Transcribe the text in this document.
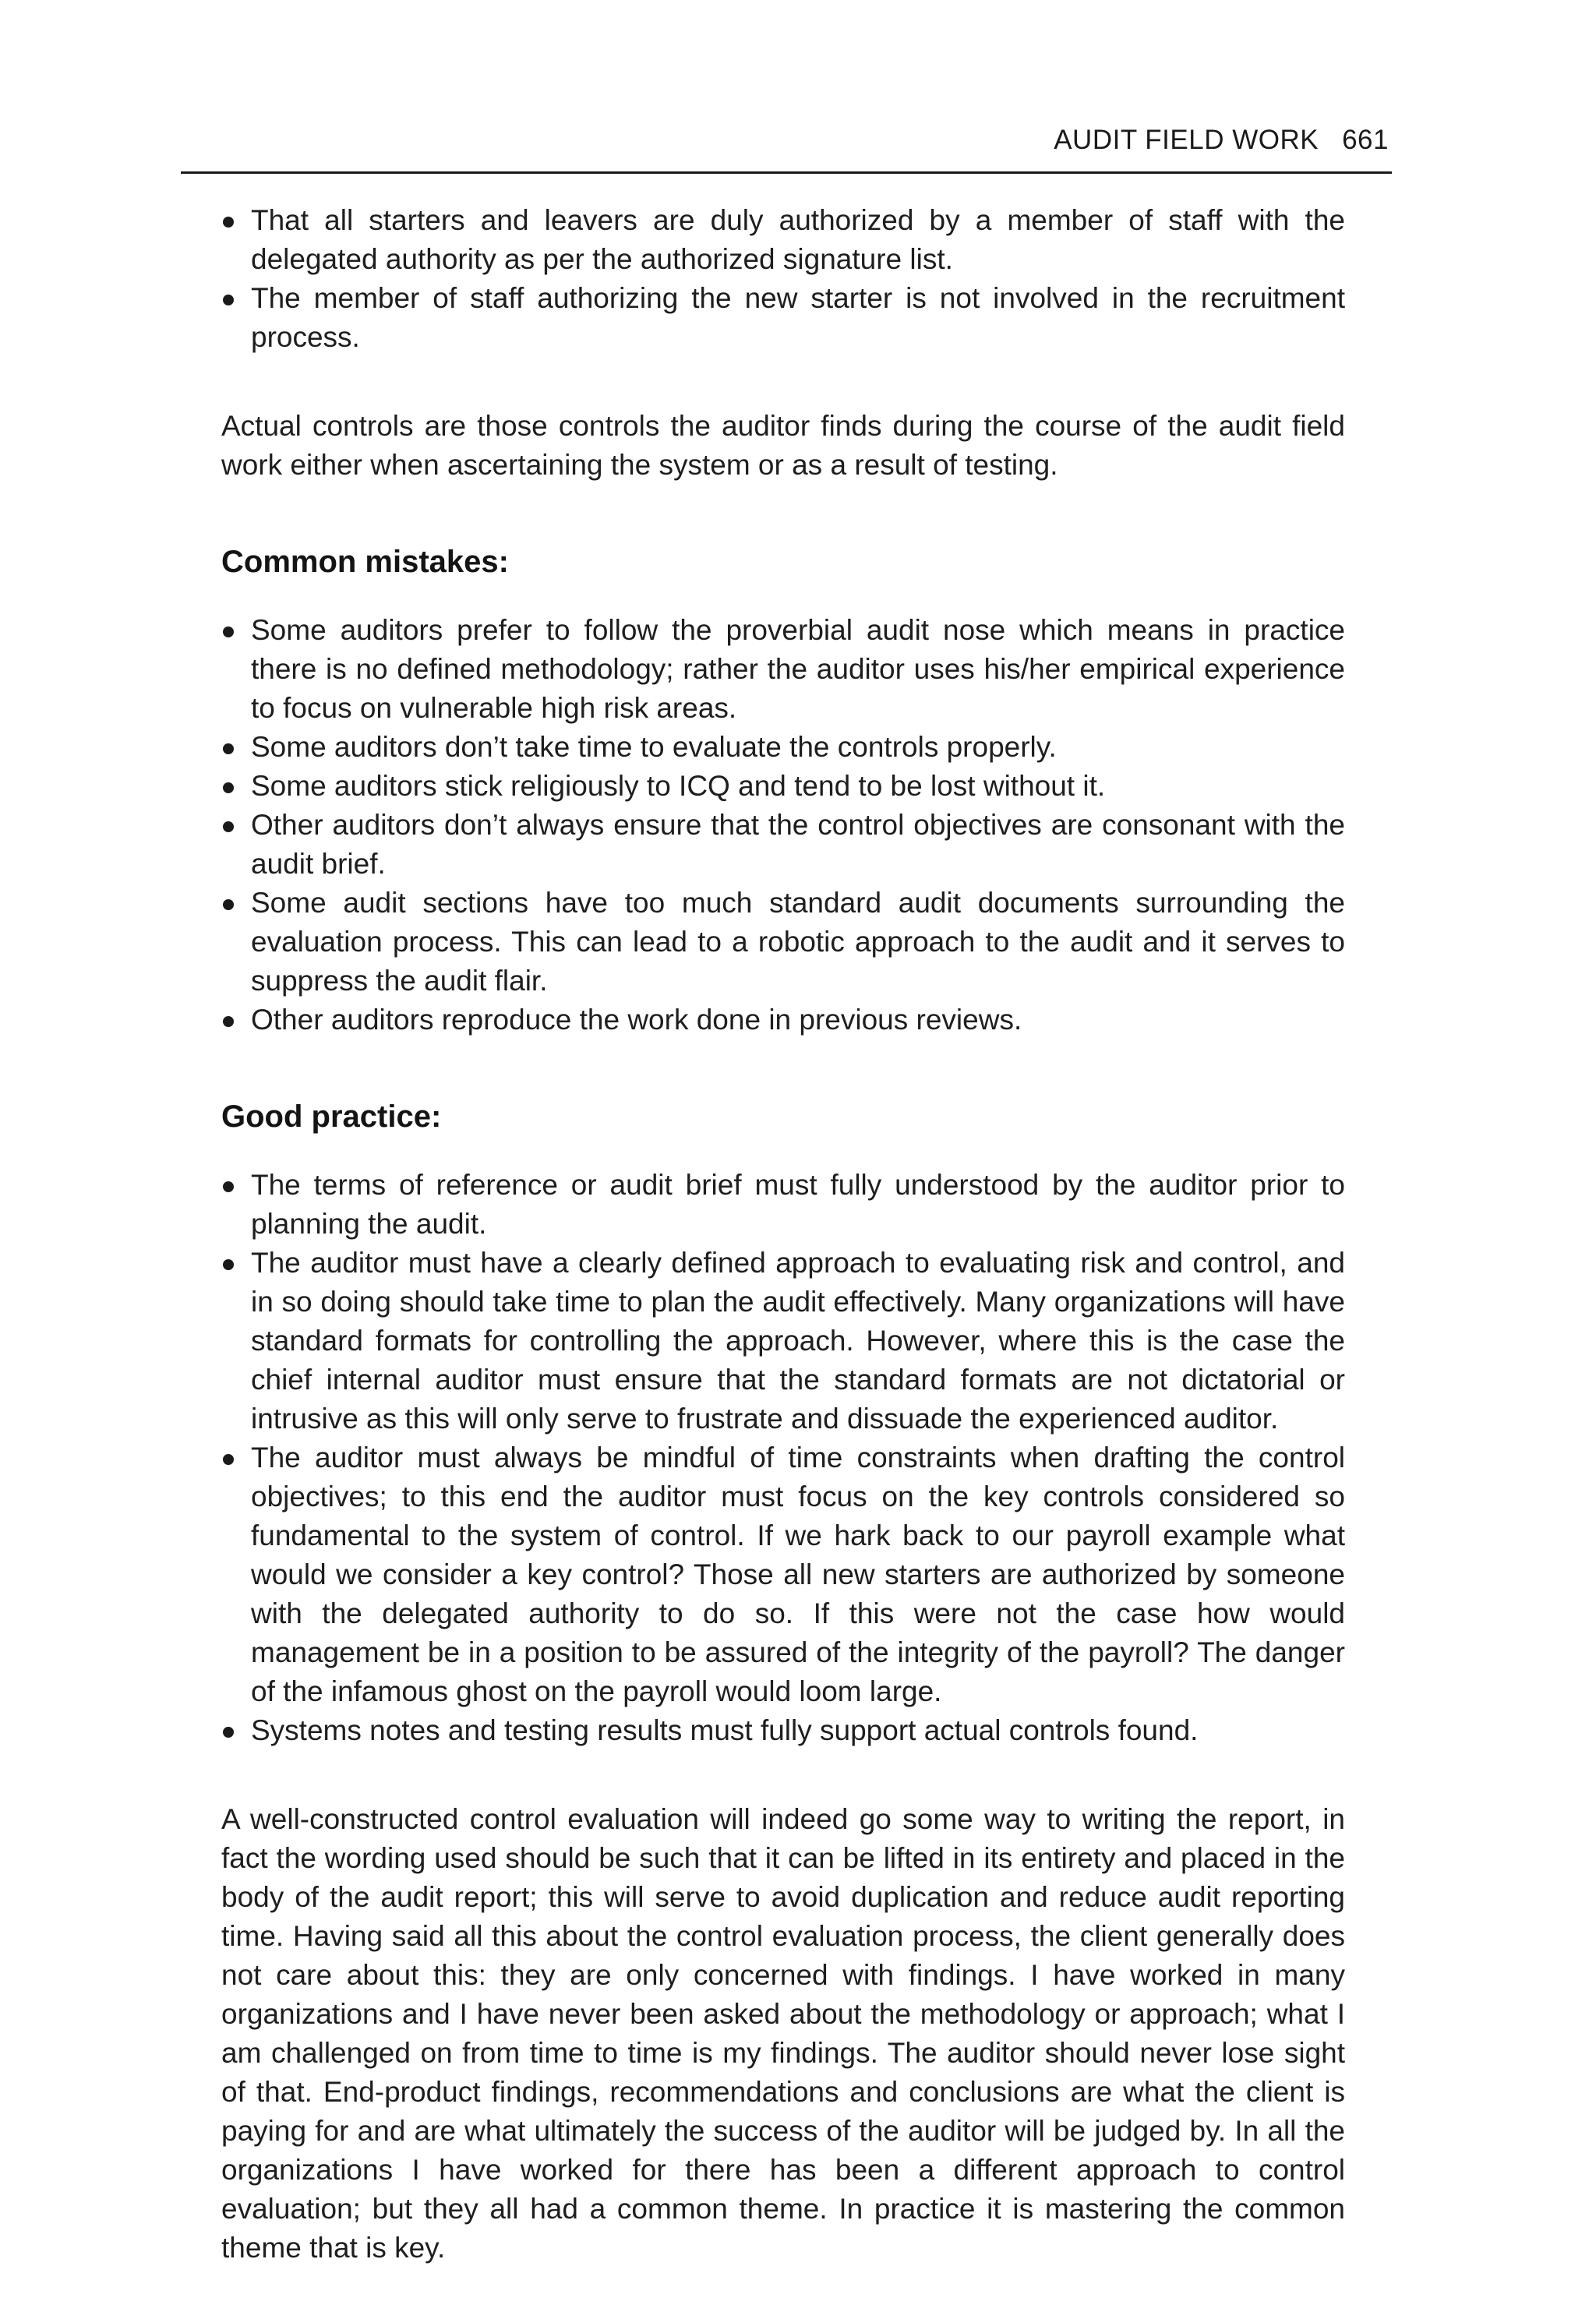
AUDIT FIELD WORK 661
That all starters and leavers are duly authorized by a member of staff with the delegated authority as per the authorized signature list.
The member of staff authorizing the new starter is not involved in the recruitment process.

Actual controls are those controls the auditor finds during the course of the audit field work either when ascertaining the system or as a result of testing.

Common mistakes:
Some auditors prefer to follow the proverbial audit nose which means in practice there is no defined methodology; rather the auditor uses his/her empirical experience to focus on vulnerable high risk areas.
Some auditors don’t take time to evaluate the controls properly.
Some auditors stick religiously to ICQ and tend to be lost without it.
Other auditors don’t always ensure that the control objectives are consonant with the audit brief.
Some audit sections have too much standard audit documents surrounding the evaluation process. This can lead to a robotic approach to the audit and it serves to suppress the audit flair.
Other auditors reproduce the work done in previous reviews.
Good practice:
The terms of reference or audit brief must fully understood by the auditor prior to planning the audit.
The auditor must have a clearly defined approach to evaluating risk and control, and in so doing should take time to plan the audit effectively. Many organizations will have standard formats for controlling the approach. However, where this is the case the chief internal auditor must ensure that the standard formats are not dictatorial or intrusive as this will only serve to frustrate and dissuade the experienced auditor.
The auditor must always be mindful of time constraints when drafting the control objectives; to this end the auditor must focus on the key controls considered so fundamental to the system of control. If we hark back to our payroll example what would we consider a key control? Those all new starters are authorized by someone with the delegated authority to do so. If this were not the case how would management be in a position to be assured of the integrity of the payroll? The danger of the infamous ghost on the payroll would loom large.
Systems notes and testing results must fully support actual controls found.

A well-constructed control evaluation will indeed go some way to writing the report, in fact the wording used should be such that it can be lifted in its entirety and placed in the body of the audit report; this will serve to avoid duplication and reduce audit reporting time. Having said all this about the control evaluation process, the client generally does not care about this: they are only concerned with findings. I have worked in many organizations and I have never been asked about the methodology or approach; what I am challenged on from time to time is my findings. The auditor should never lose sight of that. End-product findings, recommendations and conclusions are what the client is paying for and are what ultimately the success of the auditor will be judged by. In all the organizations I have worked for there has been a different approach to control evaluation; but they all had a common theme. In practice it is mastering the common theme that is key.
